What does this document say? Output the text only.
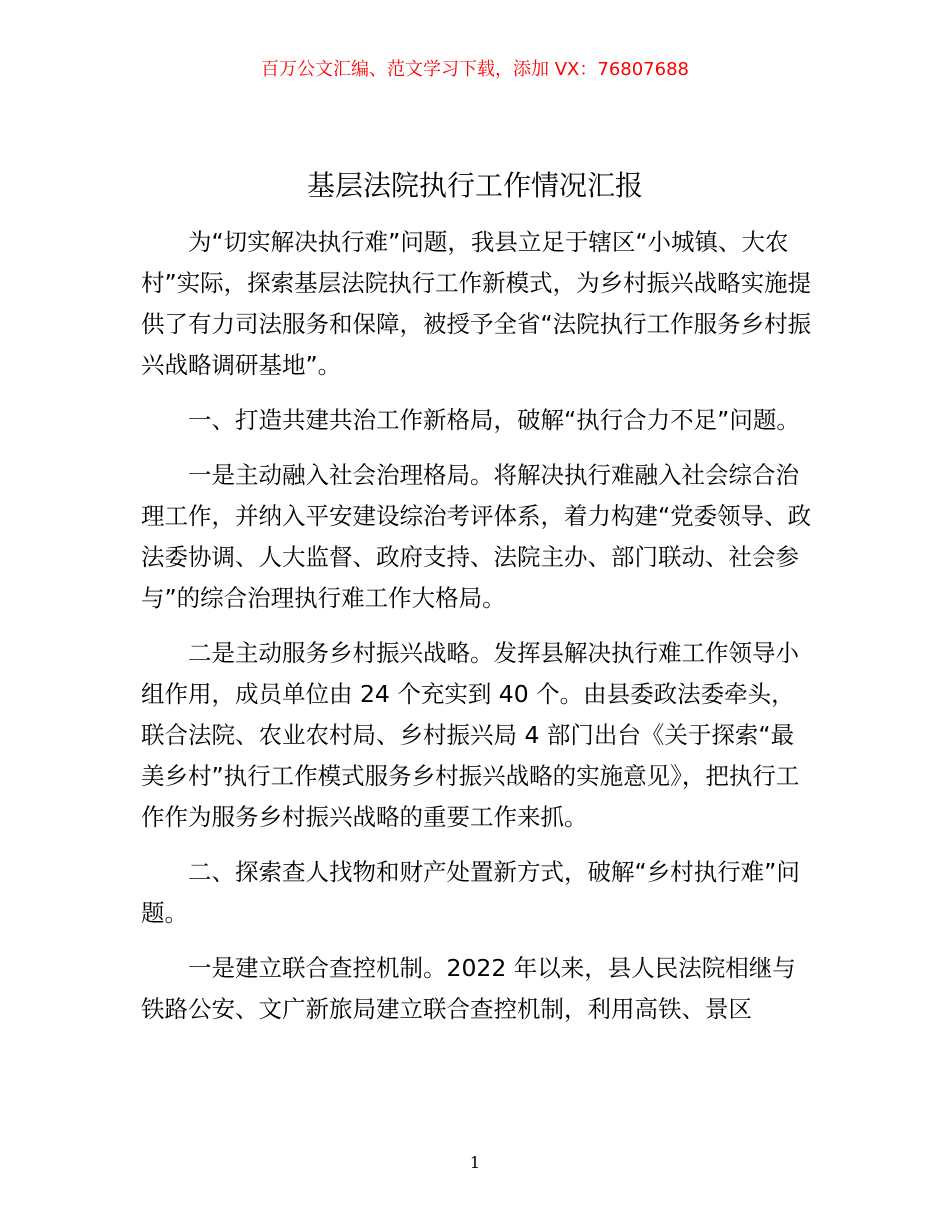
百万公文汇编、范文学习下载，添加 VX：76807688
基层法院执行工作情况汇报

为“切实解决执行难”问题，我县立足于辖区“小城镇、大农村”实际，探索基层法院执行工作新模式，为乡村振兴战略实施提供了有力司法服务和保障，被授予全省“法院执行工作服务乡村振兴战略调研基地”。

一、打造共建共治工作新格局，破解“执行合力不足”问题。

一是主动融入社会治理格局。将解决执行难融入社会综合治理工作，并纳入平安建设综治考评体系，着力构建“党委领导、政法委协调、人大监督、政府支持、法院主办、部门联动、社会参与”的综合治理执行难工作大格局。

二是主动服务乡村振兴战略。发挥县解决执行难工作领导小组作用，成员单位由 24 个充实到 40 个。由县委政法委牵头，联合法院、农业农村局、乡村振兴局 4 部门出台《关于探索“最美乡村”执行工作模式服务乡村振兴战略的实施意见》，把执行工作作为服务乡村振兴战略的重要工作来抓。

二、探索查人找物和财产处置新方式，破解“乡村执行难”问题。

一是建立联合查控机制。2022 年以来，县人民法院相继与铁路公安、文广新旅局建立联合查控机制，利用高铁、景区

1
